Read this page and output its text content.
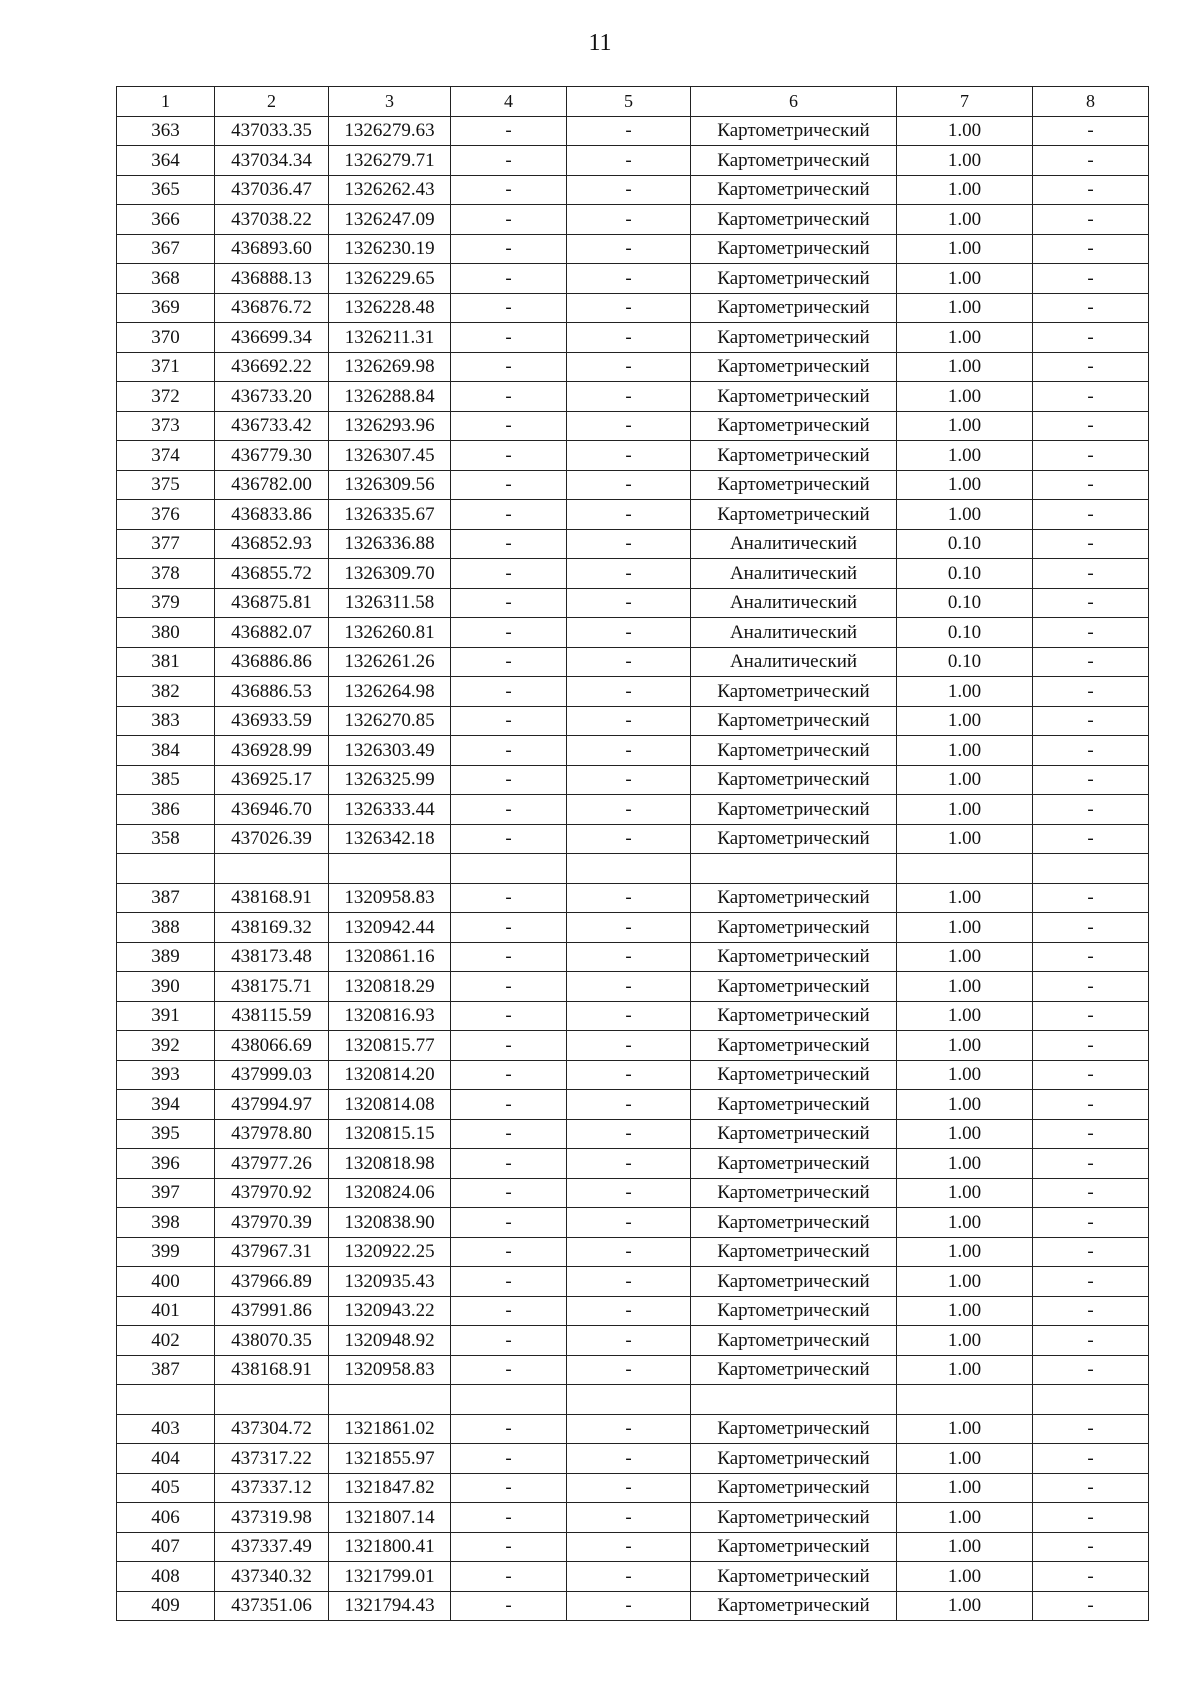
11
1	2	3	4	5	6	7	8
363	437033.35	1326279.63	-	-	Картометрический	1.00	-
364	437034.34	1326279.71	-	-	Картометрический	1.00	-
365	437036.47	1326262.43	-	-	Картометрический	1.00	-
366	437038.22	1326247.09	-	-	Картометрический	1.00	-
367	436893.60	1326230.19	-	-	Картометрический	1.00	-
368	436888.13	1326229.65	-	-	Картометрический	1.00	-
369	436876.72	1326228.48	-	-	Картометрический	1.00	-
370	436699.34	1326211.31	-	-	Картометрический	1.00	-
371	436692.22	1326269.98	-	-	Картометрический	1.00	-
372	436733.20	1326288.84	-	-	Картометрический	1.00	-
373	436733.42	1326293.96	-	-	Картометрический	1.00	-
374	436779.30	1326307.45	-	-	Картометрический	1.00	-
375	436782.00	1326309.56	-	-	Картометрический	1.00	-
376	436833.86	1326335.67	-	-	Картометрический	1.00	-
377	436852.93	1326336.88	-	-	Аналитический	0.10	-
378	436855.72	1326309.70	-	-	Аналитический	0.10	-
379	436875.81	1326311.58	-	-	Аналитический	0.10	-
380	436882.07	1326260.81	-	-	Аналитический	0.10	-
381	436886.86	1326261.26	-	-	Аналитический	0.10	-
382	436886.53	1326264.98	-	-	Картометрический	1.00	-
383	436933.59	1326270.85	-	-	Картометрический	1.00	-
384	436928.99	1326303.49	-	-	Картометрический	1.00	-
385	436925.17	1326325.99	-	-	Картометрический	1.00	-
386	436946.70	1326333.44	-	-	Картометрический	1.00	-
358	437026.39	1326342.18	-	-	Картометрический	1.00	-

387	438168.91	1320958.83	-	-	Картометрический	1.00	-
388	438169.32	1320942.44	-	-	Картометрический	1.00	-
389	438173.48	1320861.16	-	-	Картометрический	1.00	-
390	438175.71	1320818.29	-	-	Картометрический	1.00	-
391	438115.59	1320816.93	-	-	Картометрический	1.00	-
392	438066.69	1320815.77	-	-	Картометрический	1.00	-
393	437999.03	1320814.20	-	-	Картометрический	1.00	-
394	437994.97	1320814.08	-	-	Картометрический	1.00	-
395	437978.80	1320815.15	-	-	Картометрический	1.00	-
396	437977.26	1320818.98	-	-	Картометрический	1.00	-
397	437970.92	1320824.06	-	-	Картометрический	1.00	-
398	437970.39	1320838.90	-	-	Картометрический	1.00	-
399	437967.31	1320922.25	-	-	Картометрический	1.00	-
400	437966.89	1320935.43	-	-	Картометрический	1.00	-
401	437991.86	1320943.22	-	-	Картометрический	1.00	-
402	438070.35	1320948.92	-	-	Картометрический	1.00	-
387	438168.91	1320958.83	-	-	Картометрический	1.00	-

403	437304.72	1321861.02	-	-	Картометрический	1.00	-
404	437317.22	1321855.97	-	-	Картометрический	1.00	-
405	437337.12	1321847.82	-	-	Картометрический	1.00	-
406	437319.98	1321807.14	-	-	Картометрический	1.00	-
407	437337.49	1321800.41	-	-	Картометрический	1.00	-
408	437340.32	1321799.01	-	-	Картометрический	1.00	-
409	437351.06	1321794.43	-	-	Картометрический	1.00	-
